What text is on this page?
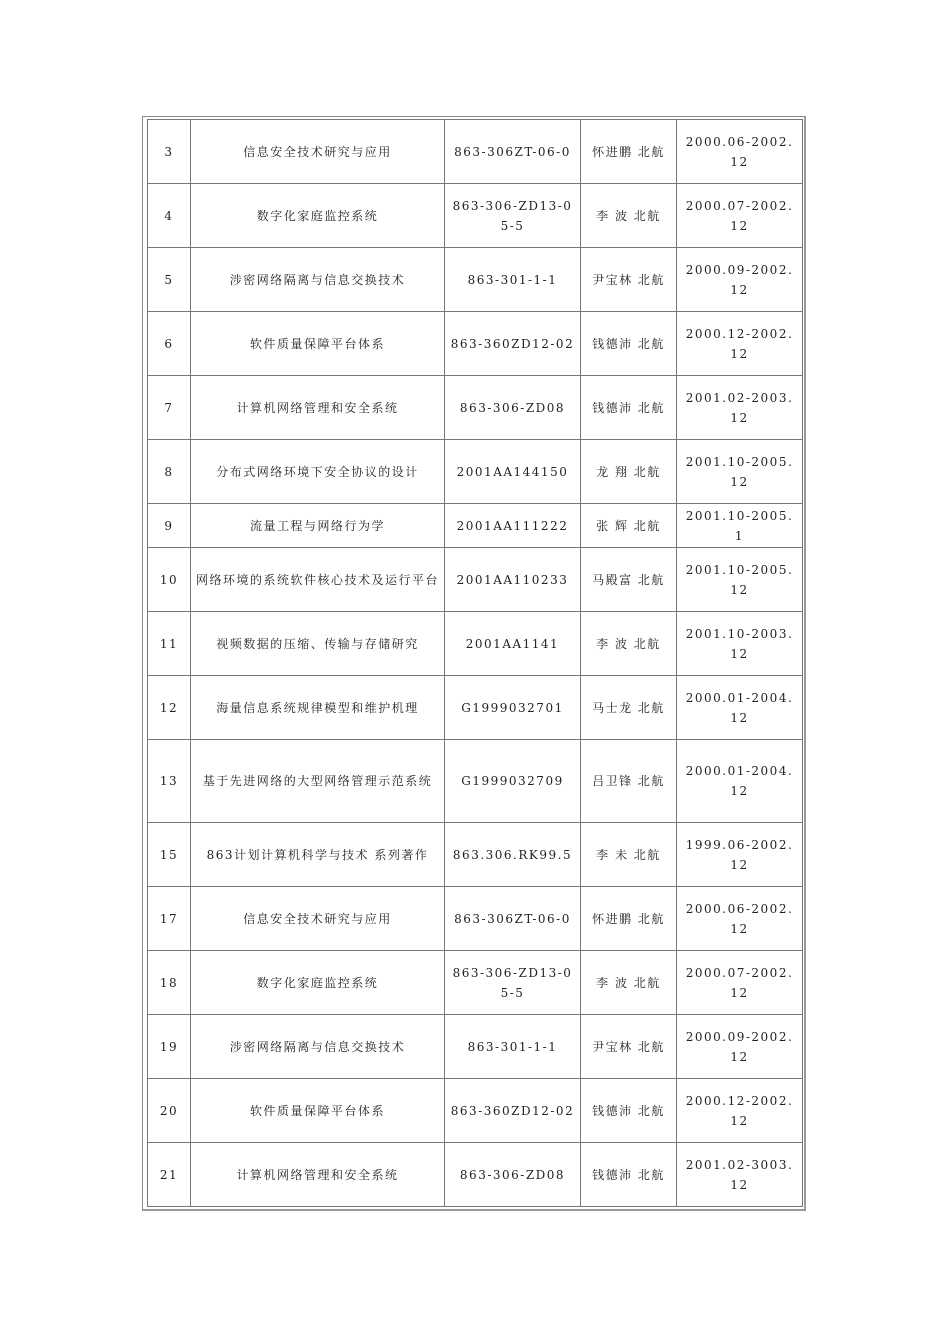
3	信息安全技术研究与应用	863-306ZT-06-0	怀进鹏 北航	2000.06-2002.12
4	数字化家庭监控系统	863-306-ZD13-05-5	李 波 北航	2000.07-2002.12
5	涉密网络隔离与信息交换技术	863-301-1-1	尹宝林 北航	2000.09-2002.12
6	软件质量保障平台体系	863-360ZD12-02	钱德沛 北航	2000.12-2002.12
7	计算机网络管理和安全系统	863-306-ZD08	钱德沛 北航	2001.02-2003.12
8	分布式网络环境下安全协议的设计	2001AA144150	龙 翔 北航	2001.10-2005.12
9	流量工程与网络行为学	2001AA111222	张 辉 北航	2001.10-2005.1
10	网络环境的系统软件核心技术及运行平台	2001AA110233	马殿富 北航	2001.10-2005.12
11	视频数据的压缩、传输与存储研究	2001AA1141	李 波 北航	2001.10-2003.12
12	海量信息系统规律模型和维护机理	G1999032701	马士龙 北航	2000.01-2004.12
13	基于先进网络的大型网络管理示范系统	G1999032709	吕卫锋 北航	2000.01-2004.12
15	863计划计算机科学与技术 系列著作	863.306.RK99.5	李 未 北航	1999.06-2002.12
17	信息安全技术研究与应用	863-306ZT-06-0	怀进鹏 北航	2000.06-2002.12
18	数字化家庭监控系统	863-306-ZD13-05-5	李 波 北航	2000.07-2002.12
19	涉密网络隔离与信息交换技术	863-301-1-1	尹宝林 北航	2000.09-2002.12
20	软件质量保障平台体系	863-360ZD12-02	钱德沛 北航	2000.12-2002.12
21	计算机网络管理和安全系统	863-306-ZD08	钱德沛 北航	2001.02-3003.12
